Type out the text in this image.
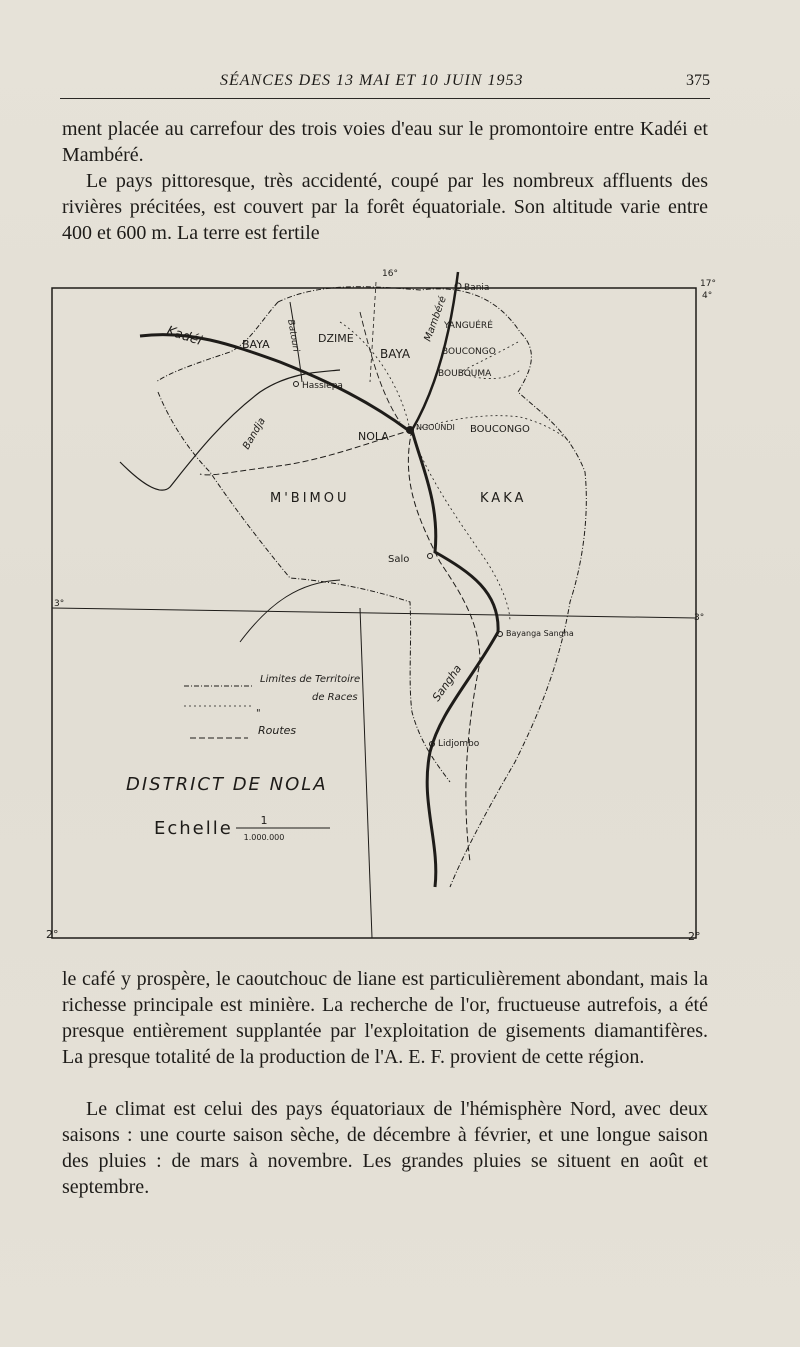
SÉANCES DES 13 MAI ET 10 JUIN 1953	375

ment placée au carrefour des trois voies d'eau sur le promontoire entre Kadéi et Mambéré.

Le pays pittoresque, très accidenté, coupé par les nombreux affluents des rivières précitées, est couvert par la forêt équatoriale. Son altitude varie entre 400 et 600 m. La terre est fertile

16°
17°
4°
3°
3°
2°	2°
Kadéi	Batouri	Mambéré
Bandja
Sangha
BAYA	DZIME
BAYA
YANGUÉRÉ
BOUCONGO
BOUBOUMA
NGOUNDI BOUCONGO
M'BIMOU	KAKA
Bania
Hassiepa
NOLA
Salo
Bayanga Sangha
Lidjombo
Limites de Territoire
"
de Races
Routes
DISTRICT DE NOLA
Echelle	1
1.000.000

le café y prospère, le caoutchouc de liane est particulièrement abondant, mais la richesse principale est minière. La recherche de l'or, fructueuse autrefois, a été presque entièrement supplantée par l'exploitation de gisements diamantifères. La presque totalité de la production de l'A. E. F. provient de cette région.

Le climat est celui des pays équatoriaux de l'hémisphère Nord, avec deux saisons : une courte saison sèche, de décembre à février, et une longue saison des pluies : de mars à novembre. Les grandes pluies se situent en août et septembre.
